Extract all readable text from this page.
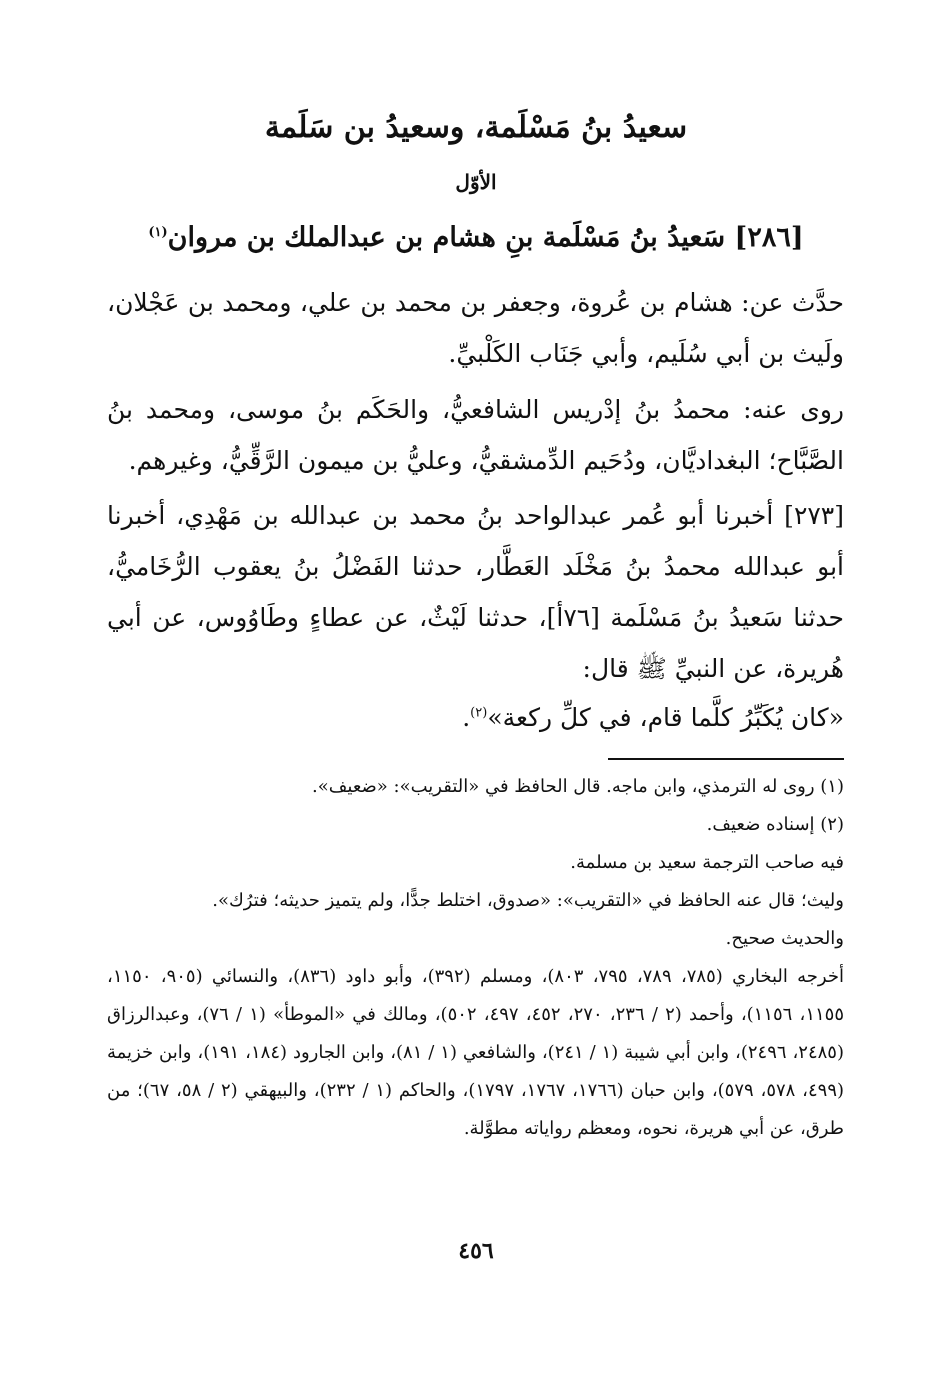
سعيدُ بنُ مَسْلَمة، وسعيدُ بن سَلَمة
الأوّل
[٢٨٦] سَعيدُ بنُ مَسْلَمة بنِ هشام بن عبدالملك بن مروان$^{(١)}$
حدَّث عن: هشام بن عُروة، وجعفر بن محمد بن علي، ومحمد بن عَجْلان، ولَيث بن أبي سُلَيم، وأبي جَنَاب الكَلْبيِّ.
روى عنه: محمدُ بنُ إدْريس الشافعيُّ، والحَكَم بنُ موسى، ومحمد بنُ الصَّبَّاح؛ البغداديَّان، ودُحَيم الدِّمشقيُّ، وعليُّ بن ميمون الرَّقِّيُّ، وغيرهم.
[٢٧٣] أخبرنا أبو عُمر عبدالواحد بنُ محمد بن عبدالله بن مَهْدِي، أخبرنا أبو عبدالله محمدُ بنُ مَخْلَد العَطَّار، حدثنا الفَضْلُ بنُ يعقوب الرُّخَاميُّ، حدثنا سَعيدُ بنُ مَسْلَمة [٧٦أ]، حدثنا لَيْثٌ، عن عطاءٍ وطَاوُوس، عن أبي هُريرة، عن النبيِّ ﷺ قال:
«كان يُكَبِّرُ كلَّما قام، في كلِّ ركعة»$^{(٢)}$.

(١) روى له الترمذي، وابن ماجه. قال الحافظ في «التقريب»: «ضعيف».

(٢) إسناده ضعيف.

فيه صاحب الترجمة سعيد بن مسلمة.

وليث؛ قال عنه الحافظ في «التقريب»: «صدوق، اختلط جدًّا، ولم يتميز حديثه؛ فترُك».

والحديث صحيح.

أخرجه البخاري (٧٨٥، ٧٨٩، ٧٩٥، ٨٠٣)، ومسلم (٣٩٢)، وأبو داود (٨٣٦)، والنسائي (٩٠٥، ١١٥٠، ١١٥٥، ١١٥٦)، وأحمد (٢ / ٢٣٦، ٢٧٠، ٤٥٢، ٤٩٧، ٥٠٢)، ومالك في «الموطأ» (١ / ٧٦)، وعبدالرزاق (٢٤٨٥، ٢٤٩٦)، وابن أبي شيبة (١ / ٢٤١)، والشافعي (١ / ٨١)، وابن الجارود (١٨٤، ١٩١)، وابن خزيمة (٤٩٩، ٥٧٨، ٥٧٩)، وابن حبان (١٧٦٦، ١٧٦٧، ١٧٩٧)، والحاكم (١ / ٢٣٢)، والبيهقي (٢ / ٥٨، ٦٧)؛ من طرق، عن أبي هريرة، نحوه، ومعظم رواياته مطوَّلة.

٤٥٦
